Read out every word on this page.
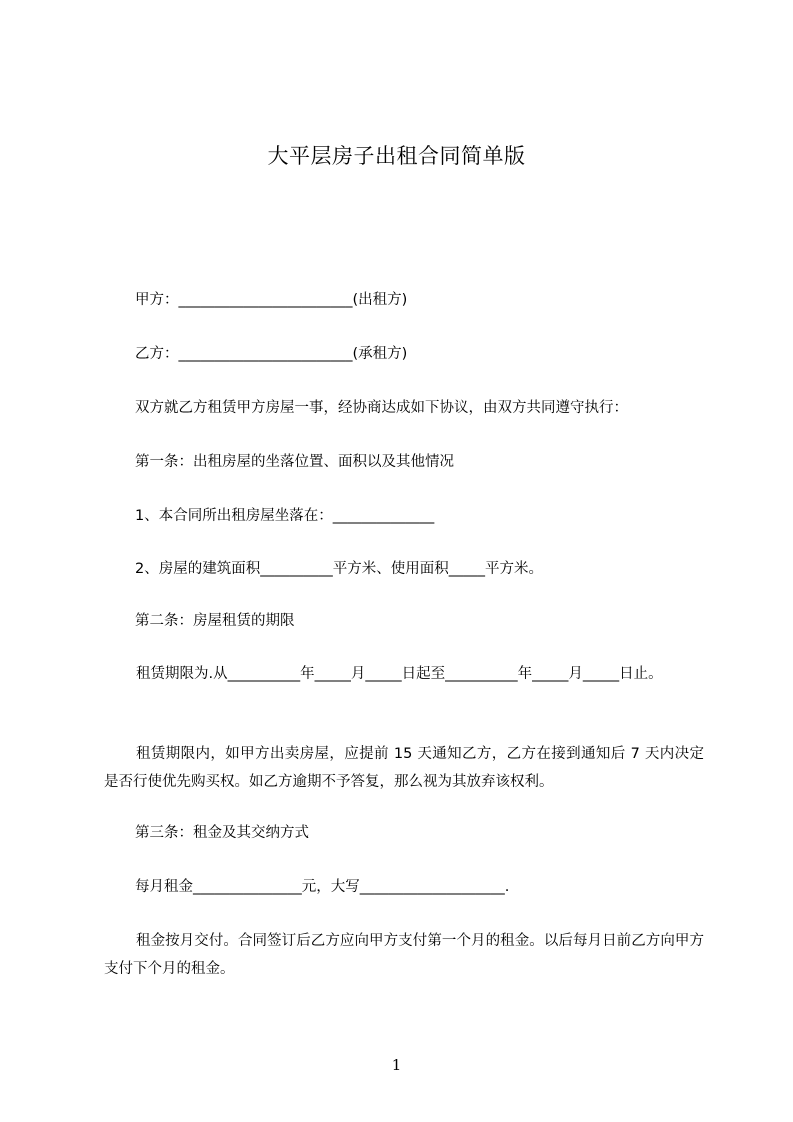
大平层房子出租合同简单版
甲方：________________________(出租方)
乙方：________________________(承租方)
双方就乙方租赁甲方房屋一事，经协商达成如下协议，由双方共同遵守执行：
第一条：出租房屋的坐落位置、面积以及其他情况
1、本合同所出租房屋坐落在：______________
2、房屋的建筑面积__________平方米、使用面积_____平方米。
第二条：房屋租赁的期限
租赁期限为.从__________年_____月_____日起至__________年_____月_____日止。
租赁期限内，如甲方出卖房屋，应提前 15 天通知乙方，乙方在接到通知后 7 天内决定是否行使优先购买权。如乙方逾期不予答复，那么视为其放弃该权利。
第三条：租金及其交纳方式
每月租金_______________元，大写____________________.
租金按月交付。合同签订后乙方应向甲方支付第一个月的租金。以后每月日前乙方向甲方支付下个月的租金。
1
